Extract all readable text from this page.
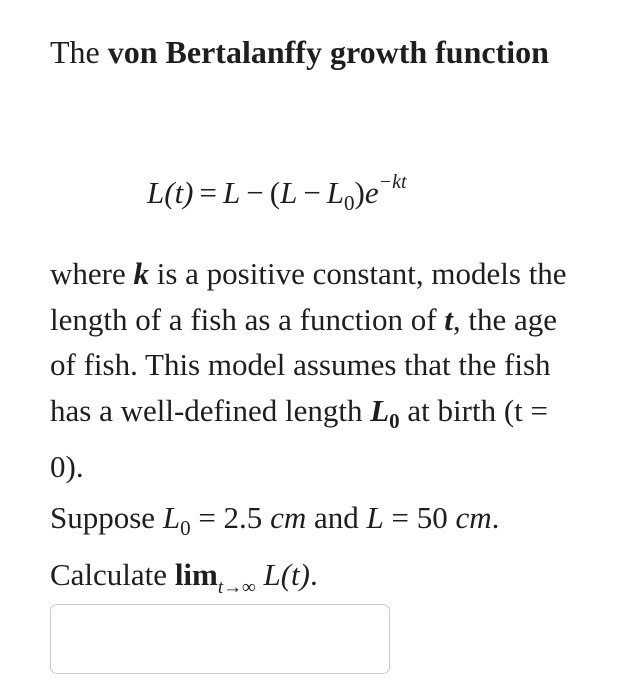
The von Bertalanffy growth function
$L(t) = L - (L - L_0)e^{-kt}$
where k is a positive constant, models the length of a fish as a function of t, the age of fish. This model assumes that the fish has a well-defined length $L_0$ at birth (t = 0).
Suppose $L_0 = 2.5$ cm and L = 50 cm.
Calculate $\lim_{t\to\infty} L(t)$.
